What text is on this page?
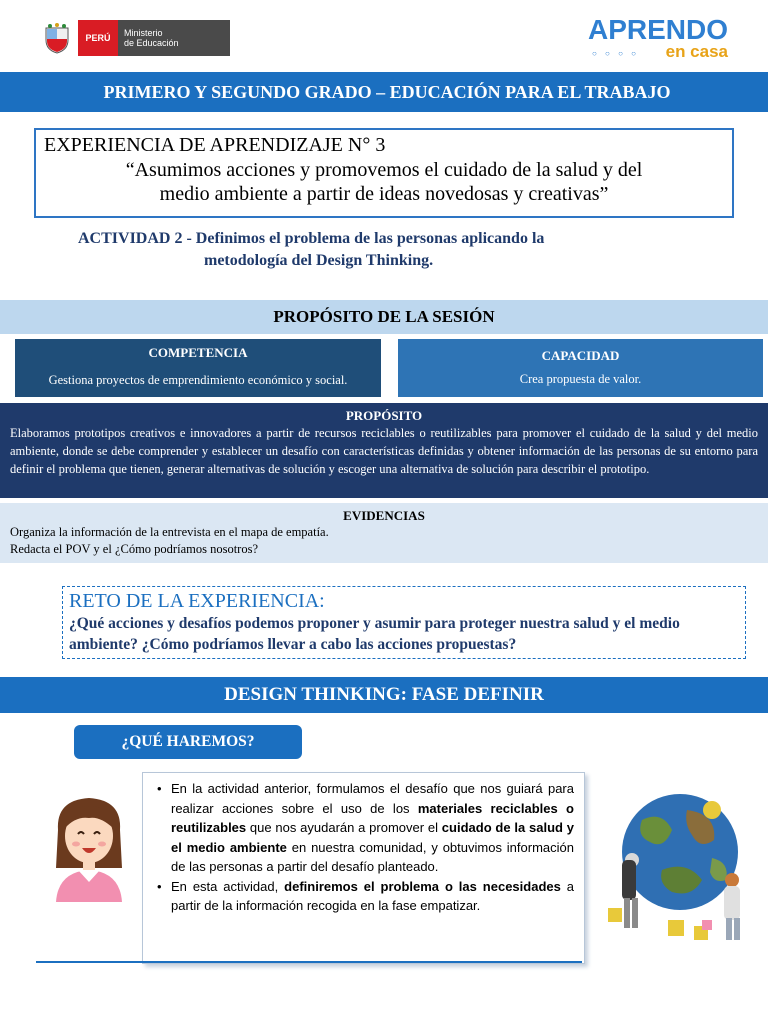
PERÚ	Ministerio
de Educación	APRENDO
en casa
○ ○ ○ ○
PRIMERO Y SEGUNDO GRADO – EDUCACIÓN PARA EL TRABAJO
EXPERIENCIA DE APRENDIZAJE N° 3
“Asumimos acciones y promovemos el cuidado de la salud y del
medio ambiente a partir de ideas novedosas y creativas”
ACTIVIDAD 2 - Definimos el problema de las personas aplicando la
metodología del Design Thinking.
PROPÓSITO DE LA SESIÓN
COMPETENCIA
Gestiona proyectos de emprendimiento económico y social.
CAPACIDAD
Crea propuesta de valor.
PROPÓSITO
Elaboramos prototipos creativos e innovadores a partir de recursos reciclables o reutilizables para promover el cuidado de la salud y del medio ambiente, donde se debe comprender y establecer un desafío con características definidas y obtener información de las personas de su entorno para definir el problema que tienen, generar alternativas de solución y escoger una alternativa de solución para describir el prototipo.
EVIDENCIAS
Organiza la información de la entrevista en el mapa de empatía.
Redacta el POV y el ¿Cómo podríamos nosotros?
RETO DE LA EXPERIENCIA:
¿Qué acciones y desafíos podemos proponer y asumir para proteger nuestra salud y el medio ambiente? ¿Cómo podríamos llevar a cabo las acciones propuestas?
DESIGN THINKING: FASE DEFINIR
¿QUÉ HAREMOS?
• En la actividad anterior, formulamos el desafío que nos guiará para realizar acciones sobre el uso de los materiales reciclables o reutilizables que nos ayudarán a promover el cuidado de la salud y el medio ambiente en nuestra comunidad, y obtuvimos información de las personas a partir del desafío planteado.
• En esta actividad, definiremos el problema o las necesidades a partir de la información recogida en la fase empatizar.
